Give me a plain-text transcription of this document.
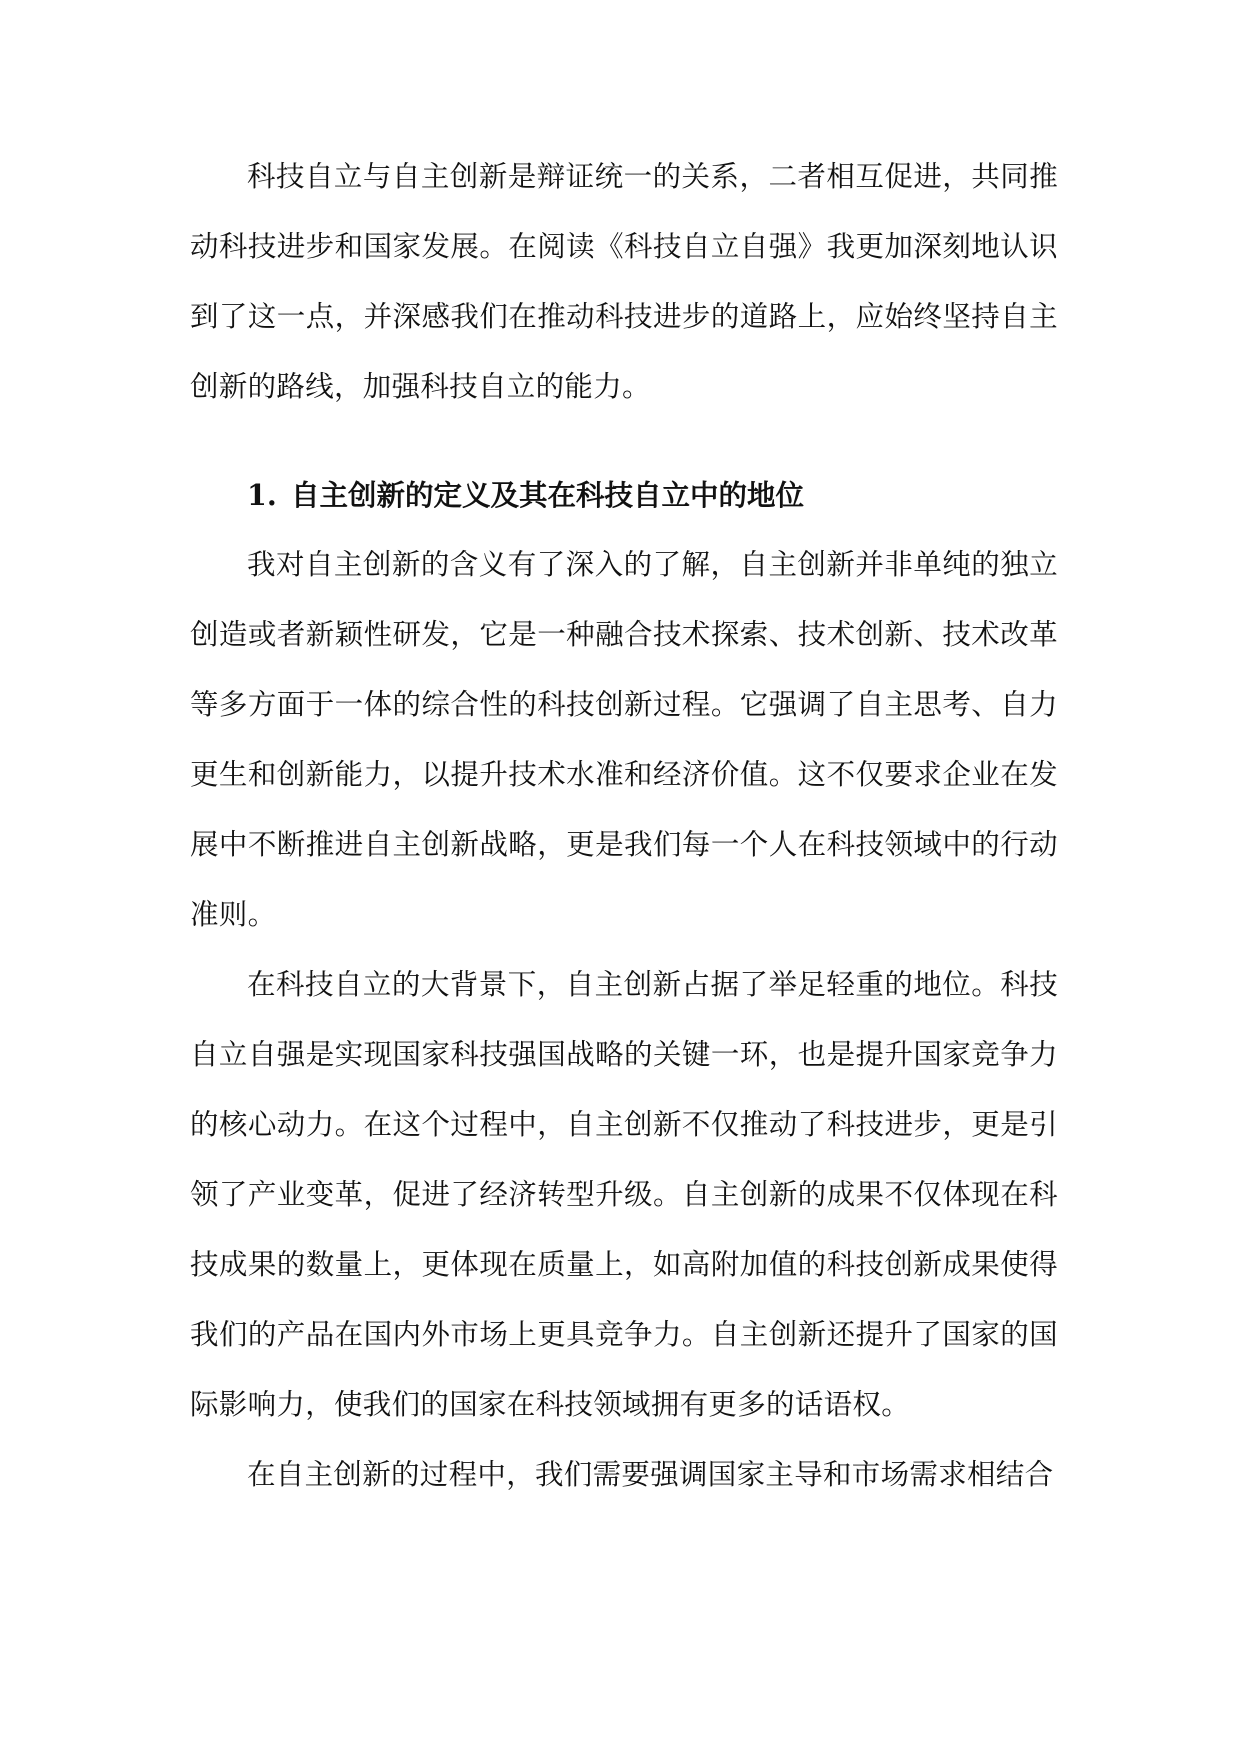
科技自立与自主创新是辩证统一的关系，二者相互促进，共同推动科技进步和国家发展。在阅读《科技自立自强》我更加深刻地认识到了这一点，并深感我们在推动科技进步的道路上，应始终坚持自主创新的路线，加强科技自立的能力。

1. 自主创新的定义及其在科技自立中的地位

我对自主创新的含义有了深入的了解，自主创新并非单纯的独立创造或者新颖性研发，它是一种融合技术探索、技术创新、技术改革等多方面于一体的综合性的科技创新过程。它强调了自主思考、自力更生和创新能力，以提升技术水准和经济价值。这不仅要求企业在发展中不断推进自主创新战略，更是我们每一个人在科技领域中的行动准则。

在科技自立的大背景下，自主创新占据了举足轻重的地位。科技自立自强是实现国家科技强国战略的关键一环，也是提升国家竞争力的核心动力。在这个过程中，自主创新不仅推动了科技进步，更是引领了产业变革，促进了经济转型升级。自主创新的成果不仅体现在科技成果的数量上，更体现在质量上，如高附加值的科技创新成果使得我们的产品在国内外市场上更具竞争力。自主创新还提升了国家的国际影响力，使我们的国家在科技领域拥有更多的话语权。

在自主创新的过程中，我们需要强调国家主导和市场需求相结合
